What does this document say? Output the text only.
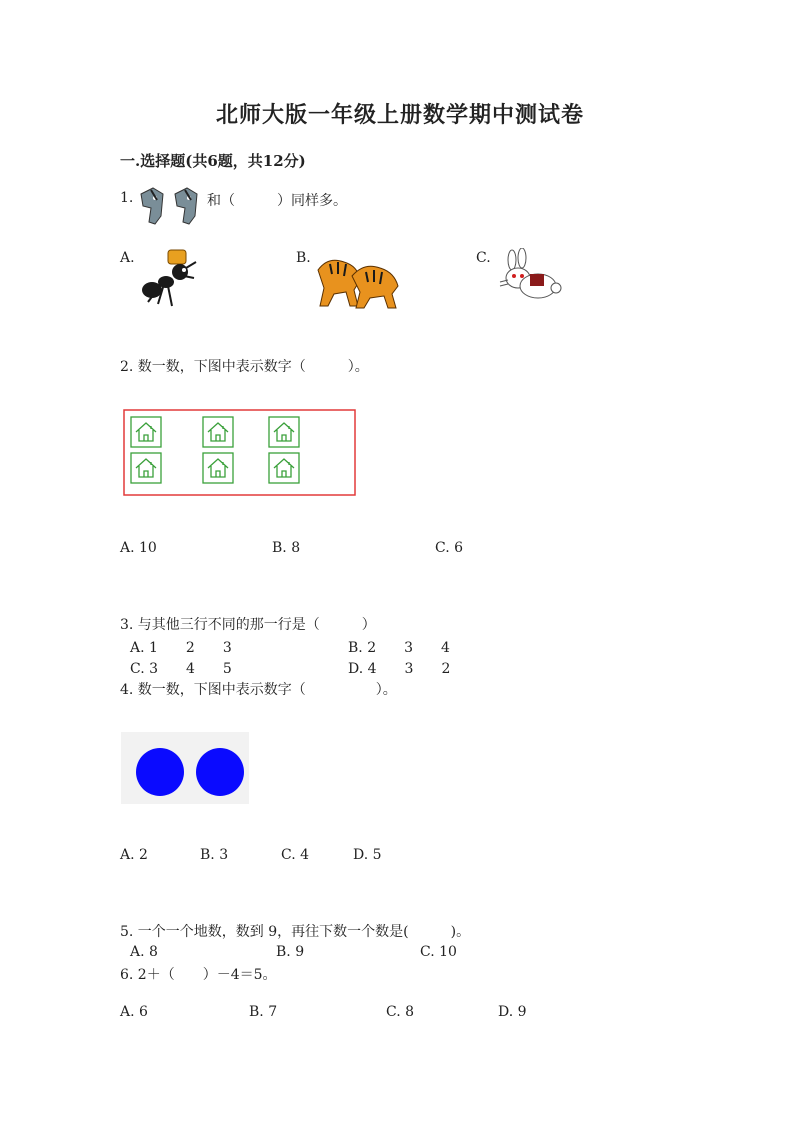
北师大版一年级上册数学期中测试卷
一.选择题(共6题，共12分)
1.	和（　　　）同样多。
A.	B.	C.
2. 数一数，下图中表示数字（　　　）。
A. 10	B. 8	C. 6
3. 与其他三行不同的那一行是（　　　）
A. 1　　2　　3	B. 2　　3　　4
C. 3　　4　　5	D. 4　　3　　2
4. 数一数，下图中表示数字（　　　　　）。
A. 2	B. 3	C. 4	D. 5
5. 一个一个地数，数到 9，再往下数一个数是(　　　)。
A. 8	B. 9	C. 10
6. 2＋（　　）－4＝5。
A. 6	B. 7	C. 8	D. 9
